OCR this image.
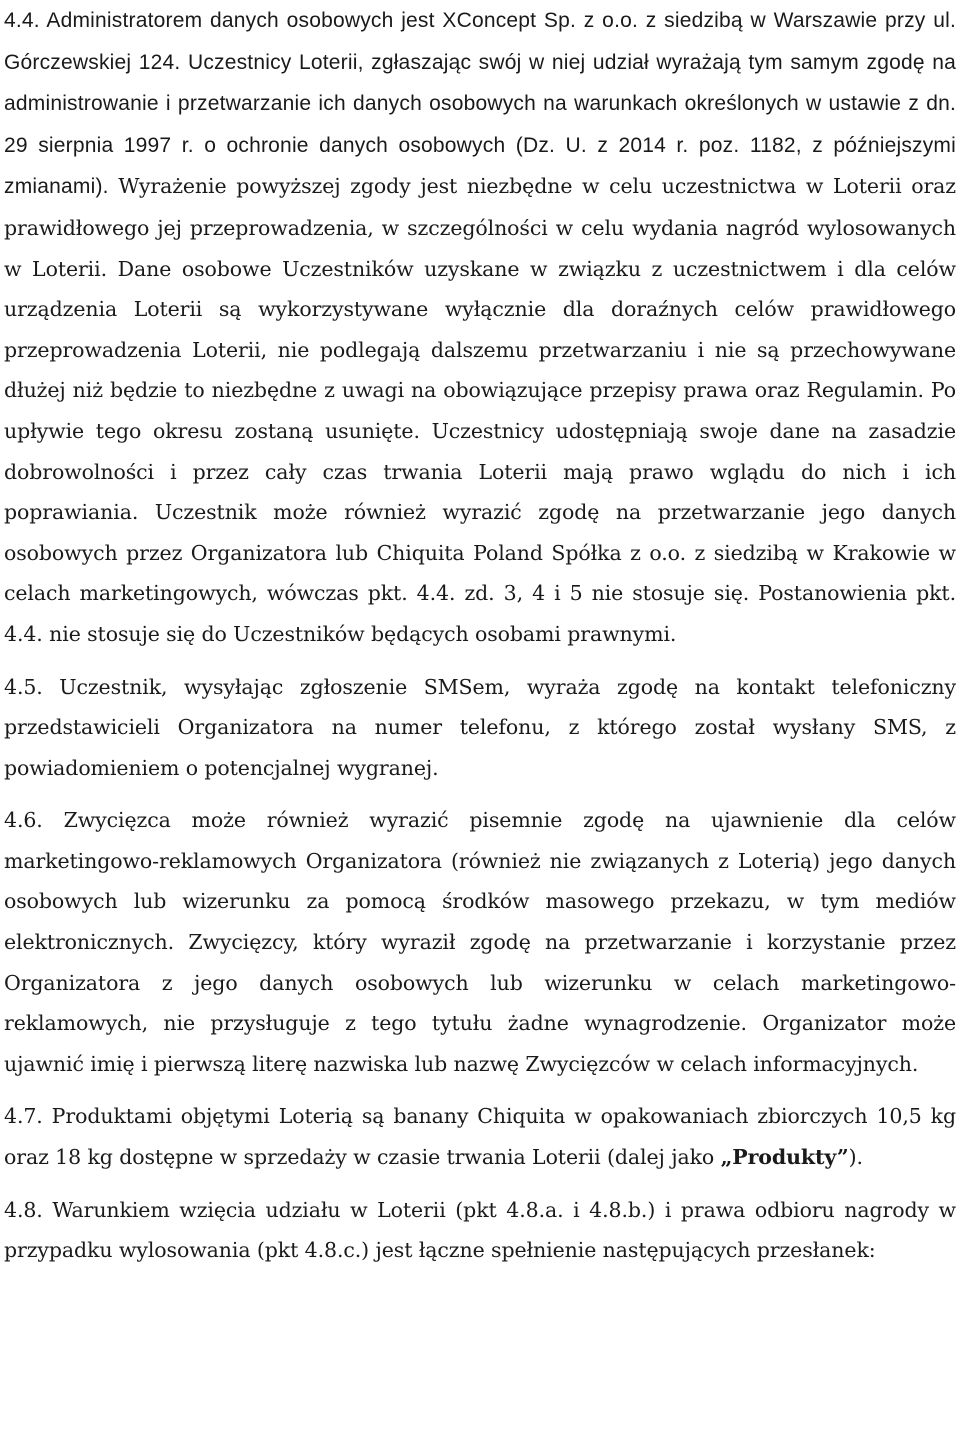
4.4. Administratorem danych osobowych jest XConcept Sp. z o.o. z siedzibą w Warszawie przy ul. Górczewskiej 124. Uczestnicy Loterii, zgłaszając swój w niej udział wyrażają tym samym zgodę na administrowanie i przetwarzanie ich danych osobowych na warunkach określonych w ustawie z dn. 29 sierpnia 1997 r. o ochronie danych osobowych (Dz. U. z 2014 r. poz. 1182, z późniejszymi zmianami). Wyrażenie powyższej zgody jest niezbędne w celu uczestnictwa w Loterii oraz prawidłowego jej przeprowadzenia, w szczególności w celu wydania nagród wylosowanych w Loterii. Dane osobowe Uczestników uzyskane w związku z uczestnictwem i dla celów urządzenia Loterii są wykorzystywane wyłącznie dla doraźnych celów prawidłowego przeprowadzenia Loterii, nie podlegają dalszemu przetwarzaniu i nie są przechowywane dłużej niż będzie to niezbędne z uwagi na obowiązujące przepisy prawa oraz Regulamin. Po upływie tego okresu zostaną usunięte. Uczestnicy udostępniają swoje dane na zasadzie dobrowolności i przez cały czas trwania Loterii mają prawo wglądu do nich i ich poprawiania. Uczestnik może również wyrazić zgodę na przetwarzanie jego danych osobowych przez Organizatora lub Chiquita Poland Spółka z o.o. z siedzibą w Krakowie w celach marketingowych, wówczas pkt. 4.4. zd. 3, 4 i 5 nie stosuje się. Postanowienia pkt. 4.4. nie stosuje się do Uczestników będących osobami prawnymi.

4.5. Uczestnik, wysyłając zgłoszenie SMSem, wyraża zgodę na kontakt telefoniczny przedstawicieli Organizatora na numer telefonu, z którego został wysłany SMS, z powiadomieniem o potencjalnej wygranej.

4.6. Zwycięzca może również wyrazić pisemnie zgodę na ujawnienie dla celów marketingowo-reklamowych Organizatora (również nie związanych z Loterią) jego danych osobowych lub wizerunku za pomocą środków masowego przekazu, w tym mediów elektronicznych. Zwycięzcy, który wyraził zgodę na przetwarzanie i korzystanie przez Organizatora z jego danych osobowych lub wizerunku w celach marketingowo-reklamowych, nie przysługuje z tego tytułu żadne wynagrodzenie. Organizator może ujawnić imię i pierwszą literę nazwiska lub nazwę Zwycięzców w celach informacyjnych.

4.7. Produktami objętymi Loterią są banany Chiquita w opakowaniach zbiorczych 10,5 kg oraz 18 kg dostępne w sprzedaży w czasie trwania Loterii (dalej jako „Produkty”).

4.8. Warunkiem wzięcia udziału w Loterii (pkt 4.8.a. i 4.8.b.) i prawa odbioru nagrody w przypadku wylosowania (pkt 4.8.c.) jest łączne spełnienie następujących przesłanek:
